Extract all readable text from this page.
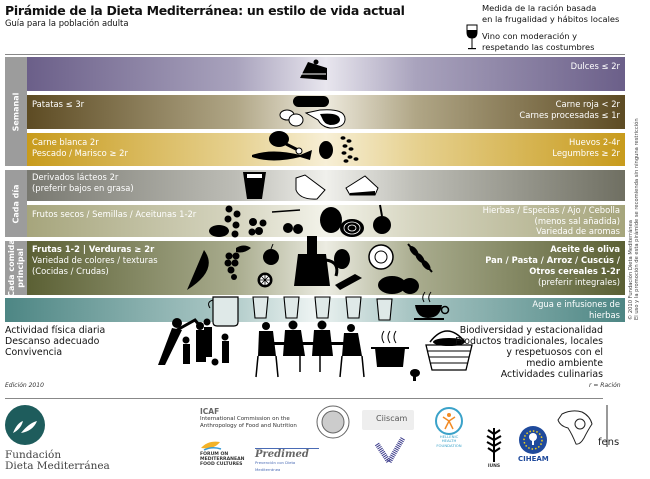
Pirámide de la Dieta Mediterránea: un estilo de vida actual
Guía para la población adulta
Medida de la ración basada
en la frugalidad y hábitos locales
Vino con moderación y
respetando las costumbres
Semanal
Cada día
Cada comida principal
Dulces ≤ 2r
Patatas ≤ 3r	Carne roja < 2r
Carnes procesadas ≤ 1r
Carne blanca 2r
Pescado / Marisco ≥ 2r
Huevos 2-4r
Legumbres ≥ 2r
Derivados lácteos 2r
(preferir bajos en grasa)
Frutos secos / Semillas / Aceitunas 1-2r	Hierbas / Especias / Ajo / Cebolla
(menos sal añadida)
Variedad de aromas
Frutas 1-2 | Verduras ≥ 2r
Variedad de colores / texturas
(Cocidas / Crudas)
Aceite de oliva
Pan / Pasta / Arroz / Cuscús /
Otros cereales 1-2r
(preferir integrales)
Agua e infusiones de
hierbas
Actividad física diaria
Descanso adecuado
Convivencia
Biodiversidad y estacionalidad
Productos tradicionales, locales
y respetuosos con el
medio ambiente
Actividades culinarias
Edición 2010	r = Ración
© 2010 Fundación Dieta Mediterránea El uso y la promoción de esta pirámide se recomienda sin ninguna restricción
Fundación
Dieta Mediterránea
ICAF
International Commission on the
Anthropology of Food and Nutrition
FORUM ON
MEDITERRANEAN
FOOD CULTURES
Predimed
Prevención con Dieta Mediterránea
Ciiscam
HELLENIC
HEALTH
FOUNDATION
IUNS
CIHEAM
fens
